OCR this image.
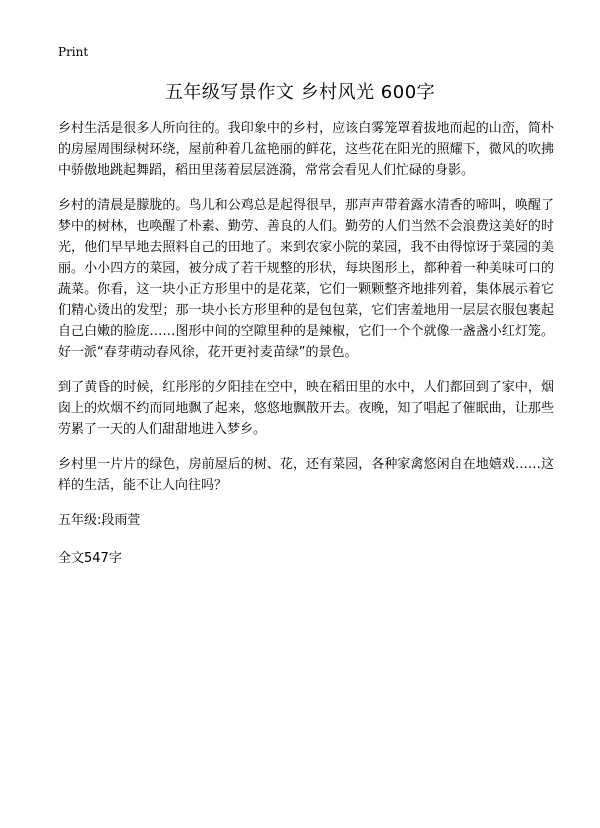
Print
五年级写景作文 乡村风光 600字

乡村生活是很多人所向往的。我印象中的乡村，应该白雾笼罩着拔地而起的山峦，简朴的房屋周围绿树环绕，屋前种着几盆艳丽的鲜花，这些花在阳光的照耀下，微风的吹拂中骄傲地跳起舞蹈，稻田里荡着层层涟漪，常常会看见人们忙碌的身影。

乡村的清晨是朦胧的。鸟儿和公鸡总是起得很早，那声声带着露水清香的啼叫，唤醒了梦中的树林，也唤醒了朴素、勤劳、善良的人们。勤劳的人们当然不会浪费这美好的时光，他们早早地去照料自己的田地了。来到农家小院的菜园，我不由得惊讶于菜园的美丽。小小四方的菜园，被分成了若干规整的形状，每块图形上，都种着一种美味可口的蔬菜。你看，这一块小正方形里中的是花菜，它们一颗颗整齐地排列着，集体展示着它们精心烫出的发型；那一块小长方形里种的是包包菜，它们害羞地用一层层衣服包裹起自己白嫩的脸庞……图形中间的空隙里种的是辣椒，它们一个个就像一盏盏小红灯笼。好一派“春芽萌动春风徐，花开更衬麦苗绿”的景色。

到了黄昏的时候，红彤彤的夕阳挂在空中，映在稻田里的水中，人们都回到了家中，烟囱上的炊烟不约而同地飘了起来，悠悠地飘散开去。夜晚，知了唱起了催眠曲，让那些劳累了一天的人们甜甜地进入梦乡。

乡村里一片片的绿色，房前屋后的树、花，还有菜园，各种家禽悠闲自在地嬉戏……这样的生活，能不让人向往吗？

五年级:段雨萱

全文547字
